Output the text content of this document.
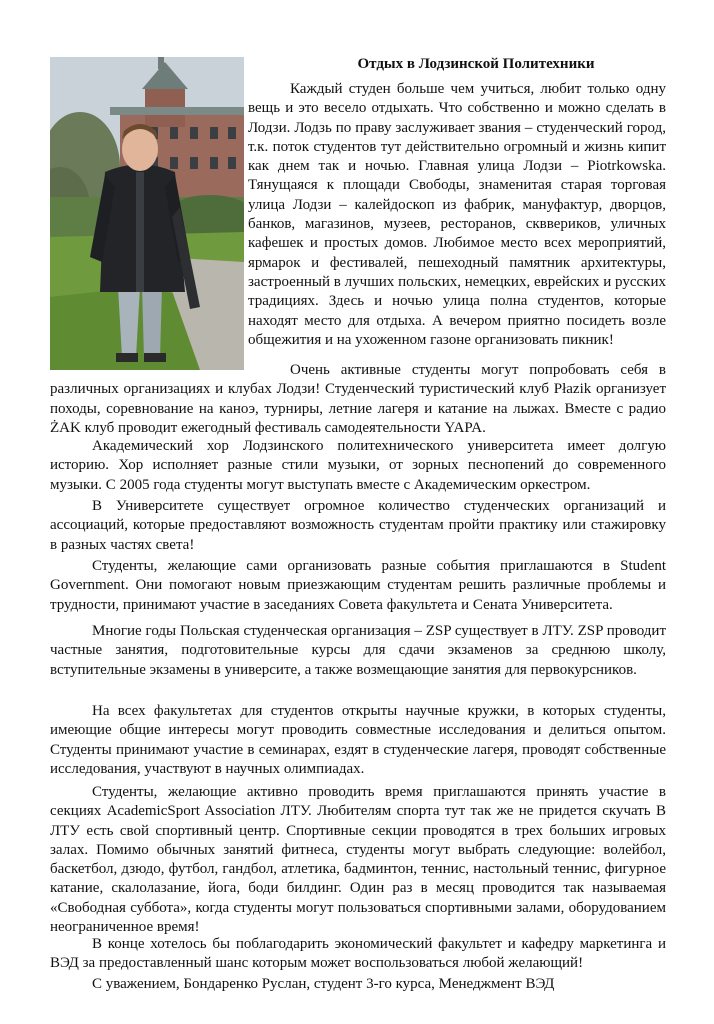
Отдых в Лодзинской Политехники
Каждый студен больше чем учиться, любит только одну вещь и это весело отдыхать. Что собственно и можно сделать в Лодзи. Лодзь по праву заслуживает звания – студенческий город, т.к. поток студентов тут действительно огромный и жизнь кипит как днем так и ночью. Главная улица Лодзи – Piotrkowska. Тянущаяся к площади Свободы, знаменитая старая торговая улица Лодзи – калейдоскоп из фабрик, мануфактур, дворцов, банков, магазинов, музеев, ресторанов, скввериков, уличных кафешек и простых домов. Любимое место всех мероприятий, ярмарок и фестивалей, пешеходный памятник архитектуры, застроенный в лучших польских, немецких, еврейских и русских традициях. Здесь и ночью улица полна студентов, которые находят место для отдыха. А вечером приятно посидеть возле общежития и на ухоженном газоне организовать пикник!
Очень активные студенты могут попробовать себя в различных организациях и клубах Лодзи! Студенческий туристический клуб Płazik организует походы, соревнование на каноэ, турниры, летние лагеря и катание на лыжах. Вместе с радио ŻAK клуб проводит ежегодный фестиваль самодеятельности YAPA.
Академический хор Лодзинского политехнического университета имеет долгую историю. Хор исполняет разные стили музыки, от зорных песнопений до современного музыки. С 2005 года студенты могут выступать вместе с Академическим оркестром.
В Университете существует огромное количество студенческих организаций и ассоциаций, которые предоставляют возможность студентам пройти практику или стажировку в разных частях света!
Студенты, желающие сами организовать разные события приглашаются в Student Government. Они помогают новым приезжающим студентам решить различные проблемы и трудности, принимают участие в заседаниях Совета факультета и Сената Университета.
Многие годы Польская студенческая организация – ZSP существует в ЛТУ. ZSP проводит частные занятия, подготовительные курсы для сдачи экзаменов за среднюю школу, вступительные экзамены в университе, а также возмещающие занятия для первокурсников.
На всех факультетах для студентов открыты научные кружки, в которых студенты, имеющие общие интересы могут проводить совместные исследования и делиться опытом. Студенты принимают участие в семинарах, ездят в студенческие лагеря, проводят собственные исследования, участвуют в научных олимпиадах.
Студенты, желающие активно проводить время приглашаются принять участие в секциях AcademicSport Association ЛТУ. Любителям спорта тут так же не придется скучать В ЛТУ есть свой спортивный центр. Спортивные секции проводятся в трех больших игровых залах. Помимо обычных занятий фитнеса, студенты могут выбрать следующие: волейбол, баскетбол, дзюдо, футбол, гандбол, атлетика, бадминтон, теннис, настольный теннис, фигурное катание, скалолазание, йога, боди билдинг. Один раз в месяц проводится так называемая «Свободная суббота», когда студенты могут пользоваться спортивными залами, оборудованием неограниченное время!
В конце хотелось бы поблагодарить экономический факультет и кафедру маркетинга и ВЭД за предоставленный шанс которым может воспользоваться любой желающий!
С уважением, Бондаренко Руслан, студент 3-го курса, Менеджмент ВЭД
